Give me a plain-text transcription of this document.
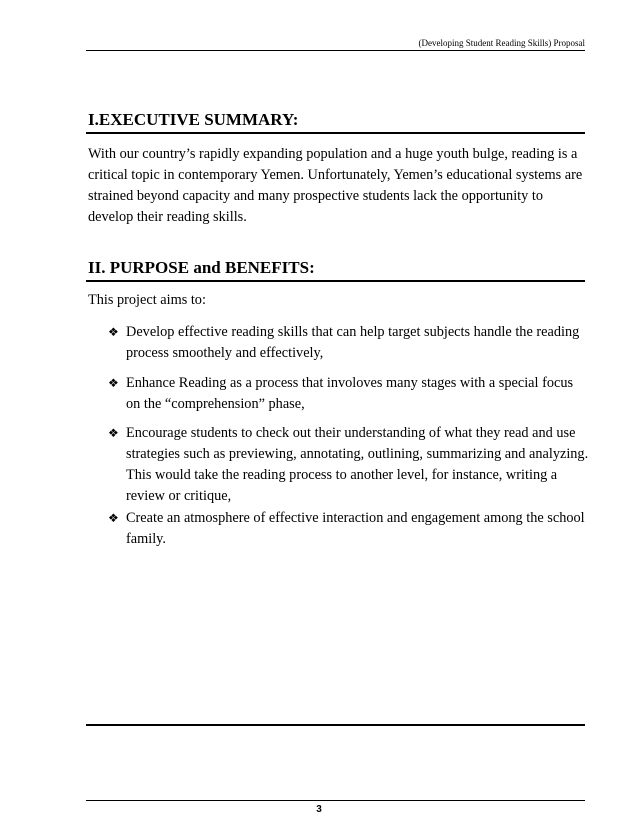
(Developing Student Reading Skills) Proposal
I.EXECUTIVE SUMMARY:
With our country’s rapidly expanding population and a huge youth bulge, reading is a critical topic in contemporary Yemen. Unfortunately, Yemen’s educational systems are strained beyond capacity and many prospective students lack the opportunity to develop their reading skills.
II. PURPOSE and BENEFITS:
This project aims to:
❖ Develop effective reading skills that can help target subjects handle the reading process smoothely and effectively,
❖ Enhance Reading as a process that involoves many stages with a special focus on the “comprehension” phase,
❖ Encourage students to check out their understanding of what they read and use strategies such as previewing, annotating, outlining, summarizing and analyzing. This would take the reading process to another level, for instance, writing a review or critique,
❖ Create an atmosphere of effective interaction and engagement among the school family.
3
